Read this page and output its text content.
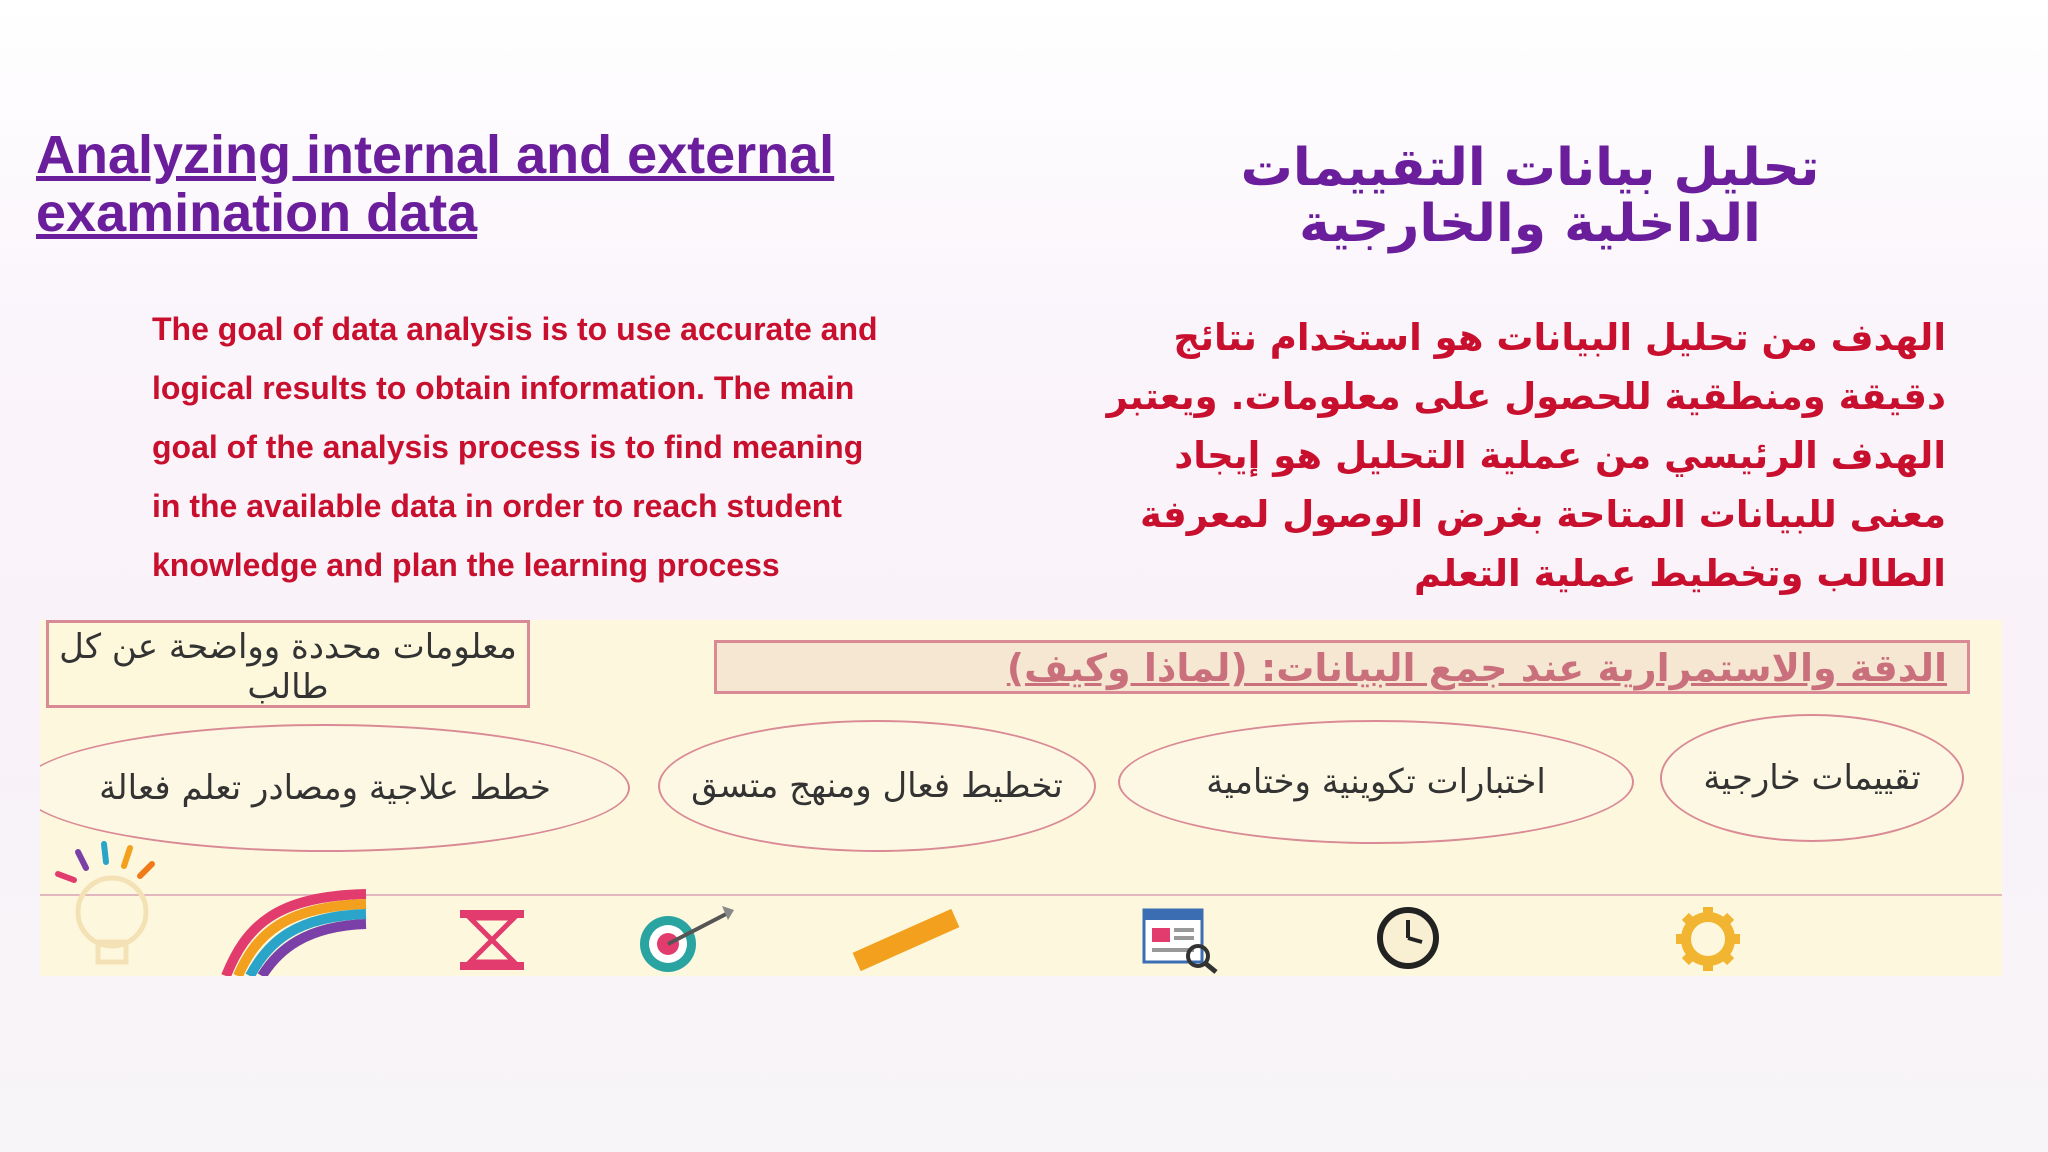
Analyzing internal and external examination data
تحليل بيانات التقييمات الداخلية والخارجية
The goal of data analysis is to use accurate and logical results to obtain information. The main goal of the analysis process is to find meaning in the available data in order to reach student knowledge and plan the learning process
الهدف من تحليل البيانات هو استخدام نتائج دقيقة ومنطقية للحصول على معلومات. ويعتبر الهدف الرئيسي من عملية التحليل هو إيجاد معنى للبيانات المتاحة بغرض الوصول لمعرفة الطالب وتخطيط عملية التعلم
معلومات محددة وواضحة عن كل طالب	الدقة والاستمرارية عند جمع البيانات: (لماذا وكيف)
تقييمات خارجية
اختبارات تكوينية وختامية
تخطيط فعال ومنهج متسق
خطط علاجية ومصادر تعلم فعالة
